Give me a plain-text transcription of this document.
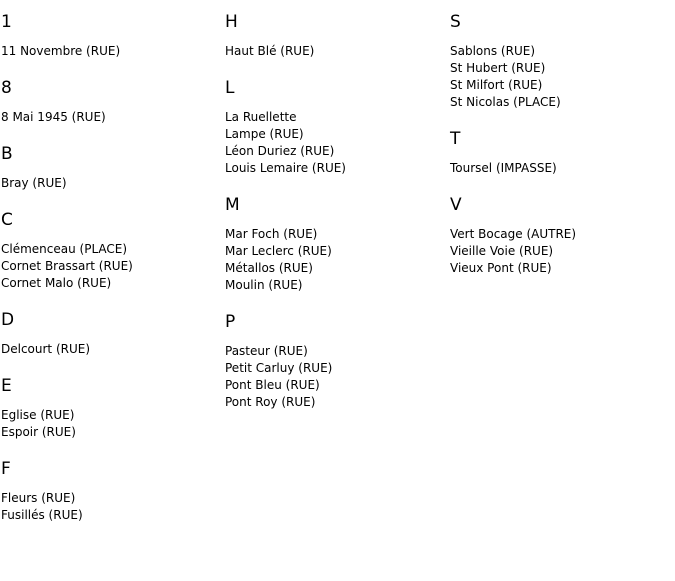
1
11 Novembre (RUE)
8
8 Mai 1945 (RUE)
B
Bray (RUE)
C
Clémenceau (PLACE)
Cornet Brassart (RUE)
Cornet Malo (RUE)
D
Delcourt (RUE)
E
Eglise (RUE)
Espoir (RUE)
F
Fleurs (RUE)
Fusillés (RUE)
H
Haut Blé (RUE)
L
La Ruellette
Lampe (RUE)
Léon Duriez (RUE)
Louis Lemaire (RUE)
M
Mar Foch (RUE)
Mar Leclerc (RUE)
Métallos (RUE)
Moulin (RUE)
P
Pasteur (RUE)
Petit Carluy (RUE)
Pont Bleu (RUE)
Pont Roy (RUE)
S
Sablons (RUE)
St Hubert (RUE)
St Milfort (RUE)
St Nicolas (PLACE)
T
Toursel (IMPASSE)
V
Vert Bocage (AUTRE)
Vieille Voie (RUE)
Vieux Pont (RUE)
